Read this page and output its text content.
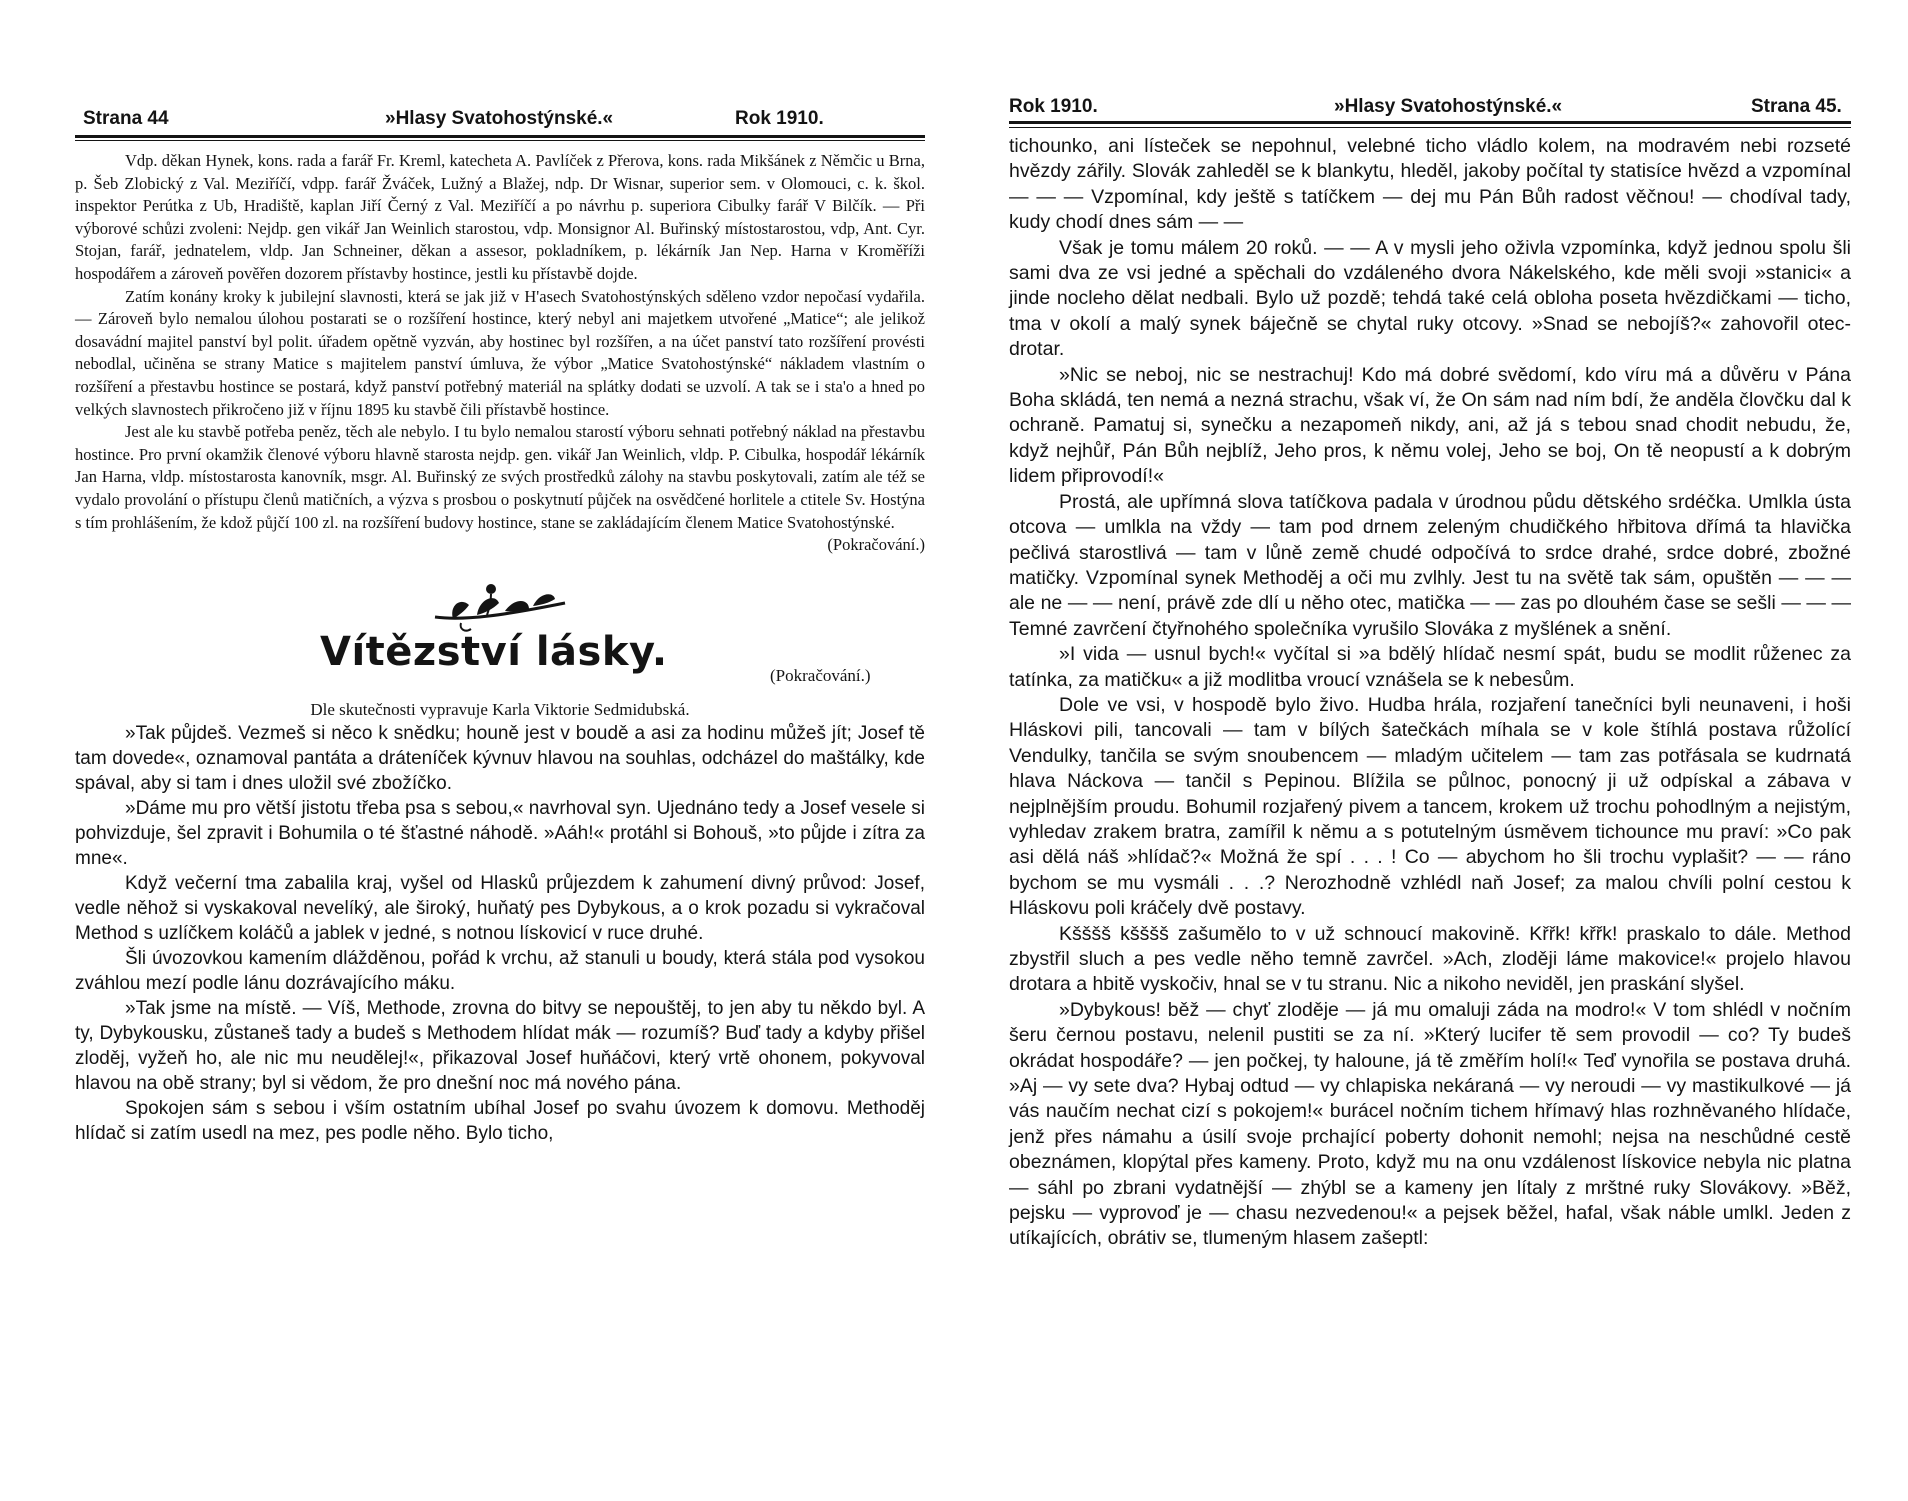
Strana 44	»Hlasy Svatohostýnské.«	Rok 1910.

Vdp. děkan Hynek, kons. rada a farář Fr. Kreml, katecheta A. Pavlíček z Přerova, kons. rada Mikšánek z Němčic u Brna, p. Šeb Zlobický z Val. Meziříčí, vdpp. farář Žváček, Lužný a Blažej, ndp. Dr Wisnar, superior sem. v Olomouci, c. k. škol. inspektor Perútka z Ub, Hradiště, kaplan Jiří Černý z Val. Meziříčí a po návrhu p. superiora Cibulky farář V Bilčík. — Při výborové schůzi zvoleni: Nejdp. gen vikář Jan Weinlich starostou, vdp. Monsignor Al. Buřinský místostarostou, vdp, Ant. Cyr. Stojan, farář, jednatelem, vldp. Jan Schneiner, děkan a assesor, pokladníkem, p. lékárník Jan Nep. Harna v Kroměříži hospodářem a zároveň pověřen dozorem přístavby hostince, jestli ku přístavbě dojde.

Zatím konány kroky k jubilejní slavnosti, která se jak již v H'asech Svatohostýnských sděleno vzdor nepočasí vydařila. — Zároveň bylo nemalou úlohou postarati se o rozšíření hostince, který nebyl ani majetkem utvořené „Matice“; ale jelikož dosavádní majitel panství byl polit. úřadem opětně vyzván, aby hostinec byl rozšířen, a na účet panství tato rozšíření provésti nebodlal, učiněna se strany Matice s majitelem panství úmluva, že výbor „Matice Svatohostýnské“ nákladem vlastním o rozšíření a přestavbu hostince se postará, když panství potřebný materiál na splátky dodati se uzvolí. A tak se i sta'o a hned po velkých slavnostech přikročeno již v říjnu 1895 ku stavbě čili přístavbě hostince.

Jest ale ku stavbě potřeba peněz, těch ale nebylo. I tu bylo nemalou starostí výboru sehnati potřebný náklad na přestavbu hostince. Pro první okamžik členové výboru hlavně starosta nejdp. gen. vikář Jan Weinlich, vldp. P. Cibulka, hospodář lékárník Jan Harna, vldp. místostarosta kanovník, msgr. Al. Buřinský ze svých prostředků zálohy na stavbu poskytovali, zatím ale též se vydalo provolání o přístupu členů matičních, a výzva s prosbou o poskytnutí půjček na osvědčené horlitele a ctitele Sv. Hostýna s tím prohlášením, že kdož půjčí 100 zl. na rozšíření budovy hostince, stane se zakládajícím členem Matice Svatohostýnské.

(Pokračování.)

Vítězství lásky.
(Pokračování.)

Dle skutečnosti vypravuje Karla Viktorie Sedmidubská.

»Tak půjdeš. Vezmeš si něco k snědku; houně jest v boudě a asi za hodinu můžeš jít; Josef tě tam dovede«, oznamoval pantáta a dráteníček kývnuv hlavou na souhlas, odcházel do maštálky, kde spával, aby si tam i dnes uložil své zbožíčko.

»Dáme mu pro větší jistotu třeba psa s sebou,« navrhoval syn. Ujednáno tedy a Josef vesele si pohvizduje, šel zpravit i Bohumila o té šťastné náhodě. »Aáh!« protáhl si Bohouš, »to půjde i zítra za mne«.

Když večerní tma zabalila kraj, vyšel od Hlasků průjezdem k zahumení divný průvod: Josef, vedle něhož si vyskakoval nevelíký, ale široký, huňatý pes Dybykous, a o krok pozadu si vykračoval Method s uzlíčkem koláčů a jablek v jedné, s notnou lískovicí v ruce druhé.

Šli úvozovkou kamením dlážděnou, pořád k vrchu, až stanuli u boudy, která stála pod vysokou zváhlou mezí podle lánu dozrávajícího máku.

»Tak jsme na místě. — Víš, Methode, zrovna do bitvy se nepouštěj, to jen aby tu někdo byl. A ty, Dybykousku, zůstaneš tady a budeš s Methodem hlídat mák — rozumíš? Buď tady a kdyby přišel zloděj, vyžeň ho, ale nic mu neudělej!«, přikazoval Josef huňáčovi, který vrtě ohonem, pokyvoval hlavou na obě strany; byl si vědom, že pro dnešní noc má nového pána.

Spokojen sám s sebou i vším ostatním ubíhal Josef po svahu úvozem k domovu. Methoděj hlídač si zatím usedl na mez, pes podle něho. Bylo ticho,

Rok 1910.	»Hlasy Svatohostýnské.«	Strana 45.

tichounko, ani lísteček se nepohnul, velebné ticho vládlo kolem, na modravém nebi rozseté hvězdy zářily. Slovák zahleděl se k blankytu, hleděl, jakoby počítal ty statisíce hvězd a vzpomínal — — — Vzpomínal, kdy ještě s tatíčkem — dej mu Pán Bůh radost věčnou! — chodíval tady, kudy chodí dnes sám — —

Však je tomu málem 20 roků. — — A v mysli jeho oživla vzpomínka, když jednou spolu šli sami dva ze vsi jedné a spěchali do vzdáleného dvora Nákelského, kde měli svoji »stanici« a jinde nocleho dělat nedbali. Bylo už pozdě; tehdá také celá obloha poseta hvězdičkami — ticho, tma v okolí a malý synek báječně se chytal ruky otcovy. »Snad se nebojíš?« zahovořil otec-drotar.

»Nic se neboj, nic se nestrachuj! Kdo má dobré svědomí, kdo víru má a důvěru v Pána Boha skládá, ten nemá a nezná strachu, však ví, že On sám nad ním bdí, že anděla človčku dal k ochraně. Pamatuj si, synečku a nezapomeň nikdy, ani, až já s tebou snad chodit nebudu, že, když nejhůř, Pán Bůh nejblíž, Jeho pros, k němu volej, Jeho se boj, On tě neopustí a k dobrým lidem připrovodí!«

Prostá, ale upřímná slova tatíčkova padala v úrodnou půdu dětského srdéčka. Umlkla ústa otcova — umlkla na vždy — tam pod drnem zeleným chudičkého hřbitova dřímá ta hlavička pečlivá starostlivá — tam v lůně země chudé odpočívá to srdce drahé, srdce dobré, zbožné matičky. Vzpomínal synek Methoděj a oči mu zvlhly. Jest tu na světě tak sám, opuštěn — — — ale ne — — není, právě zde dlí u něho otec, matička — — zas po dlouhém čase se sešli — — — Temné zavrčení čtyřnohého společníka vyrušilo Slováka z myšlének a snění.

»I vida — usnul bych!« vyčítal si »a bdělý hlídač nesmí spát, budu se modlit růženec za tatínka, za matičku« a již modlitba vroucí vznášela se k nebesům.

Dole ve vsi, v hospodě bylo živo. Hudba hrála, rozjaření tanečníci byli neunaveni, i hoši Hláskovi pili, tancovali — tam v bílých šatečkách míhala se v kole štíhlá postava růžolící Vendulky, tančila se svým snoubencem — mladým učitelem — tam zas potřásala se kudrnatá hlava Náckova — tančil s Pepinou. Blížila se půlnoc, ponocný ji už odpískal a zábava v nejplnějším proudu. Bohumil rozjařený pivem a tancem, krokem už trochu pohodlným a nejistým, vyhledav zrakem bratra, zamířil k němu a s potutelným úsměvem tichounce mu praví: »Co pak asi dělá náš »hlídač?« Možná že spí . . . ! Co — abychom ho šli trochu vyplašit? — — ráno bychom se mu vysmáli . . .? Nerozhodně vzhlédl naň Josef; za malou chvíli polní cestou k Hláskovu poli kráčely dvě postavy.

Kšššš kšššš zašumělo to v už schnoucí makovině. Křřk! křřk! praskalo to dále. Method zbystřil sluch a pes vedle něho temně zavrčel. »Ach, zloději láme makovice!« projelo hlavou drotara a hbitě vyskočiv, hnal se v tu stranu. Nic a nikoho neviděl, jen praskání slyšel.

»Dybykous! běž — chyť zloděje — já mu omaluji záda na modro!« V tom shlédl v nočním šeru černou postavu, nelenil pustiti se za ní. »Který lucifer tě sem provodil — co? Ty budeš okrádat hospodáře? — jen počkej, ty haloune, já tě změřím holí!« Teď vynořila se postava druhá. »Aj — vy sete dva? Hybaj odtud — vy chlapiska nekáraná — vy neroudi — vy mastikulkové — já vás naučím nechat cizí s pokojem!« burácel nočním tichem hřímavý hlas rozhněvaného hlídače, jenž přes námahu a úsilí svoje prchající poberty dohonit nemohl; nejsa na neschůdné cestě obeznámen, klopýtal přes kameny. Proto, když mu na onu vzdálenost lískovice nebyla nic platna — sáhl po zbrani vydatnější — zhýbl se a kameny jen lítaly z mrštné ruky Slovákovy. »Běž, pejsku — vyprovoď je — chasu nezvedenou!« a pejsek běžel, hafal, však náble umlkl. Jeden z utíkajících, obrátiv se, tlumeným hlasem zašeptl:
